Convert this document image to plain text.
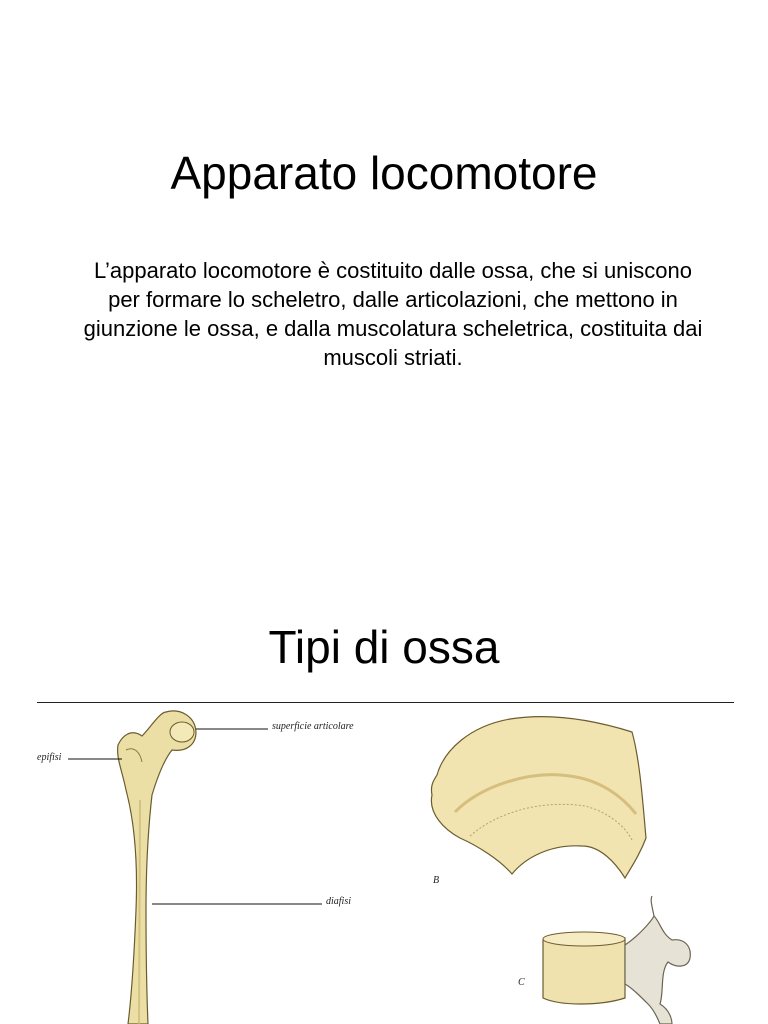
Apparato locomotore

L’apparato locomotore è costituito dalle ossa, che si uniscono per formare lo scheletro, dalle articolazioni, che mettono in giunzione le ossa, e dalla muscolatura scheletrica, costituita dai muscoli striati.

Tipi di ossa
superficie articolare
epifisi
diafisi
B
C
